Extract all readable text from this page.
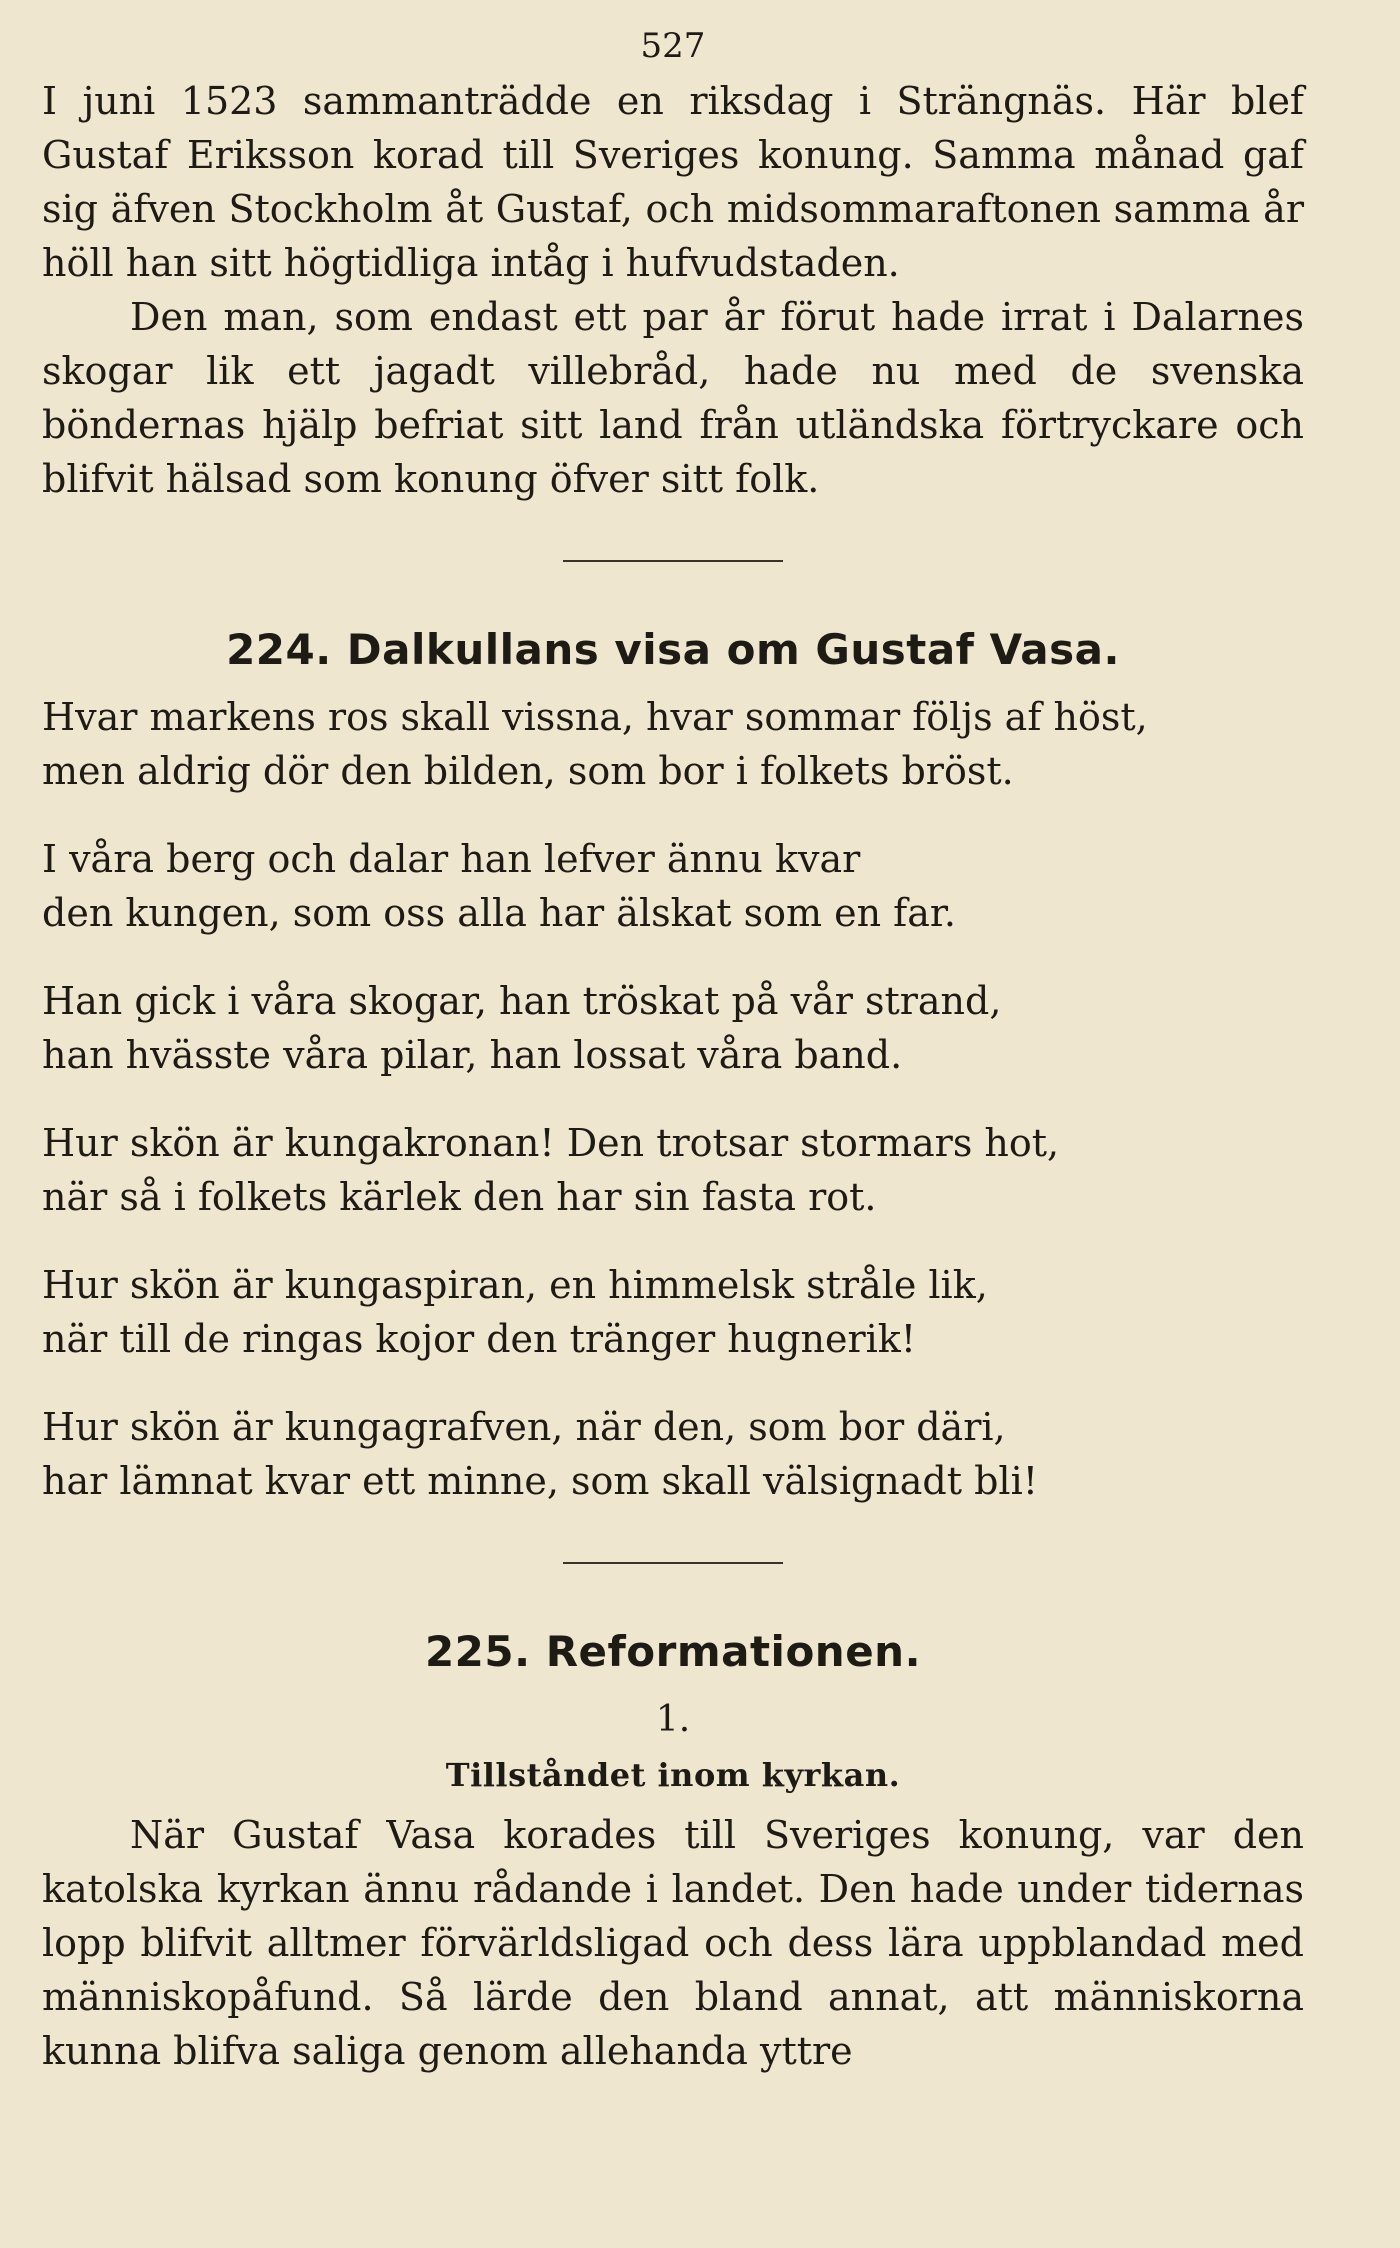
527

I juni 1523 sammanträdde en riksdag i Strängnäs. Här blef Gustaf Eriksson korad till Sveriges konung. Samma månad gaf sig äfven Stockholm åt Gustaf, och midsommaraftonen samma år höll han sitt högtidliga intåg i hufvudstaden.

Den man, som endast ett par år förut hade irrat i Dalarnes skogar lik ett jagadt villebråd, hade nu med de svenska böndernas hjälp befriat sitt land från utländska förtryckare och blifvit hälsad som konung öfver sitt folk.

224. Dalkullans visa om Gustaf Vasa.
Hvar markens ros skall vissna, hvar sommar följs af höst,
men aldrig dör den bilden, som bor i folkets bröst.
I våra berg och dalar han lefver ännu kvar
den kungen, som oss alla har älskat som en far.
Han gick i våra skogar, han tröskat på vår strand,
han hvässte våra pilar, han lossat våra band.
Hur skön är kungakronan! Den trotsar stormars hot,
när så i folkets kärlek den har sin fasta rot.
Hur skön är kungaspiran, en himmelsk stråle lik,
när till de ringas kojor den tränger hugnerik!
Hur skön är kungagrafven, när den, som bor däri,
har lämnat kvar ett minne, som skall välsignadt bli!
225. Reformationen.
1.
Tillståndet inom kyrkan.

När Gustaf Vasa korades till Sveriges konung, var den katolska kyrkan ännu rådande i landet. Den hade under tidernas lopp blifvit alltmer förvärldsligad och dess lära uppblandad med människopåfund. Så lärde den bland annat, att människorna kunna blifva saliga genom allehanda yttre
